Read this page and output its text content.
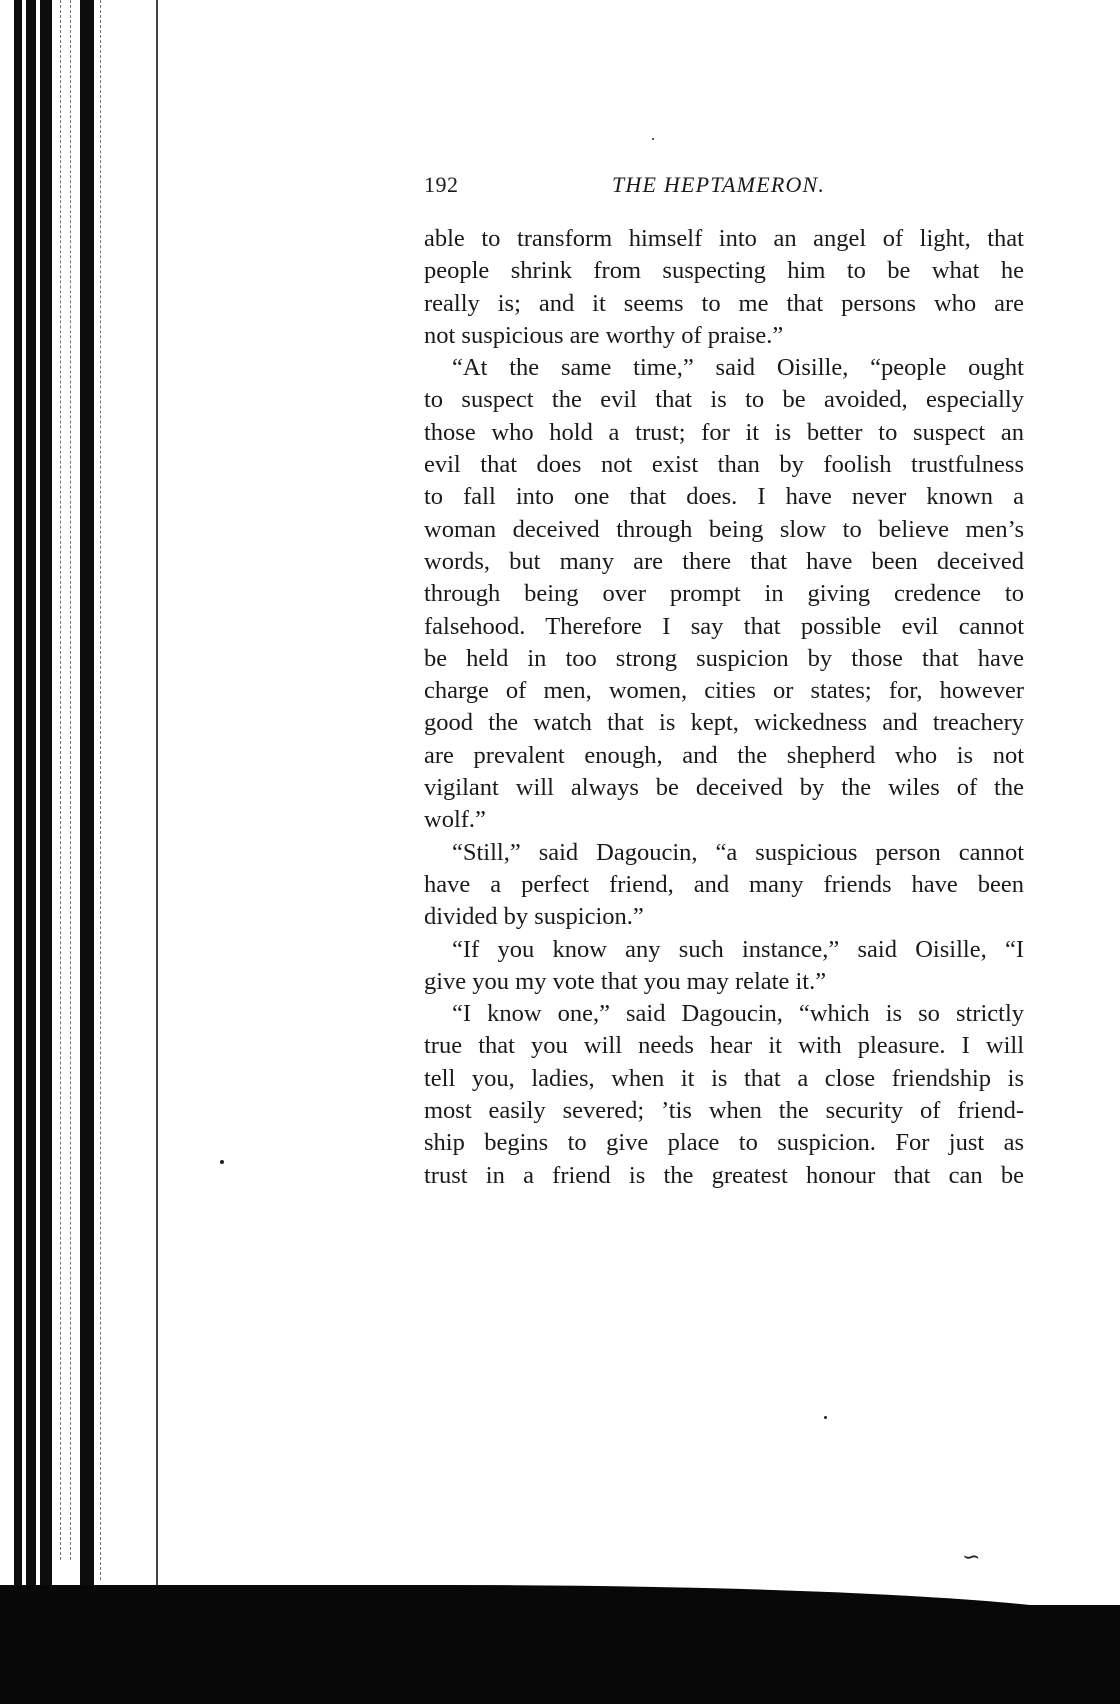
192	THE HEPTAMERON.
able to transform himself into an angel of light, that
people shrink from suspecting him to be what he
really is; and it seems to me that persons who are
not suspicious are worthy of praise.”
“At the same time,” said Oisille, “people ought
to suspect the evil that is to be avoided, especially
those who hold a trust; for it is better to suspect an
evil that does not exist than by foolish trustfulness
to fall into one that does. I have never known a
woman deceived through being slow to believe men’s
words, but many are there that have been deceived
through being over prompt in giving credence to
falsehood. Therefore I say that possible evil cannot
be held in too strong suspicion by those that have
charge of men, women, cities or states; for, however
good the watch that is kept, wickedness and treachery
are prevalent enough, and the shepherd who is not
vigilant will always be deceived by the wiles of the
wolf.”
“Still,” said Dagoucin, “a suspicious person cannot
have a perfect friend, and many friends have been
divided by suspicion.”
“If you know any such instance,” said Oisille, “I
give you my vote that you may relate it.”
“I know one,” said Dagoucin, “which is so strictly
true that you will needs hear it with pleasure. I will
tell you, ladies, when it is that a close friendship is
most easily severed; ’tis when the security of friend-
ship begins to give place to suspicion. For just as
trust in a friend is the greatest honour that can be
∽
